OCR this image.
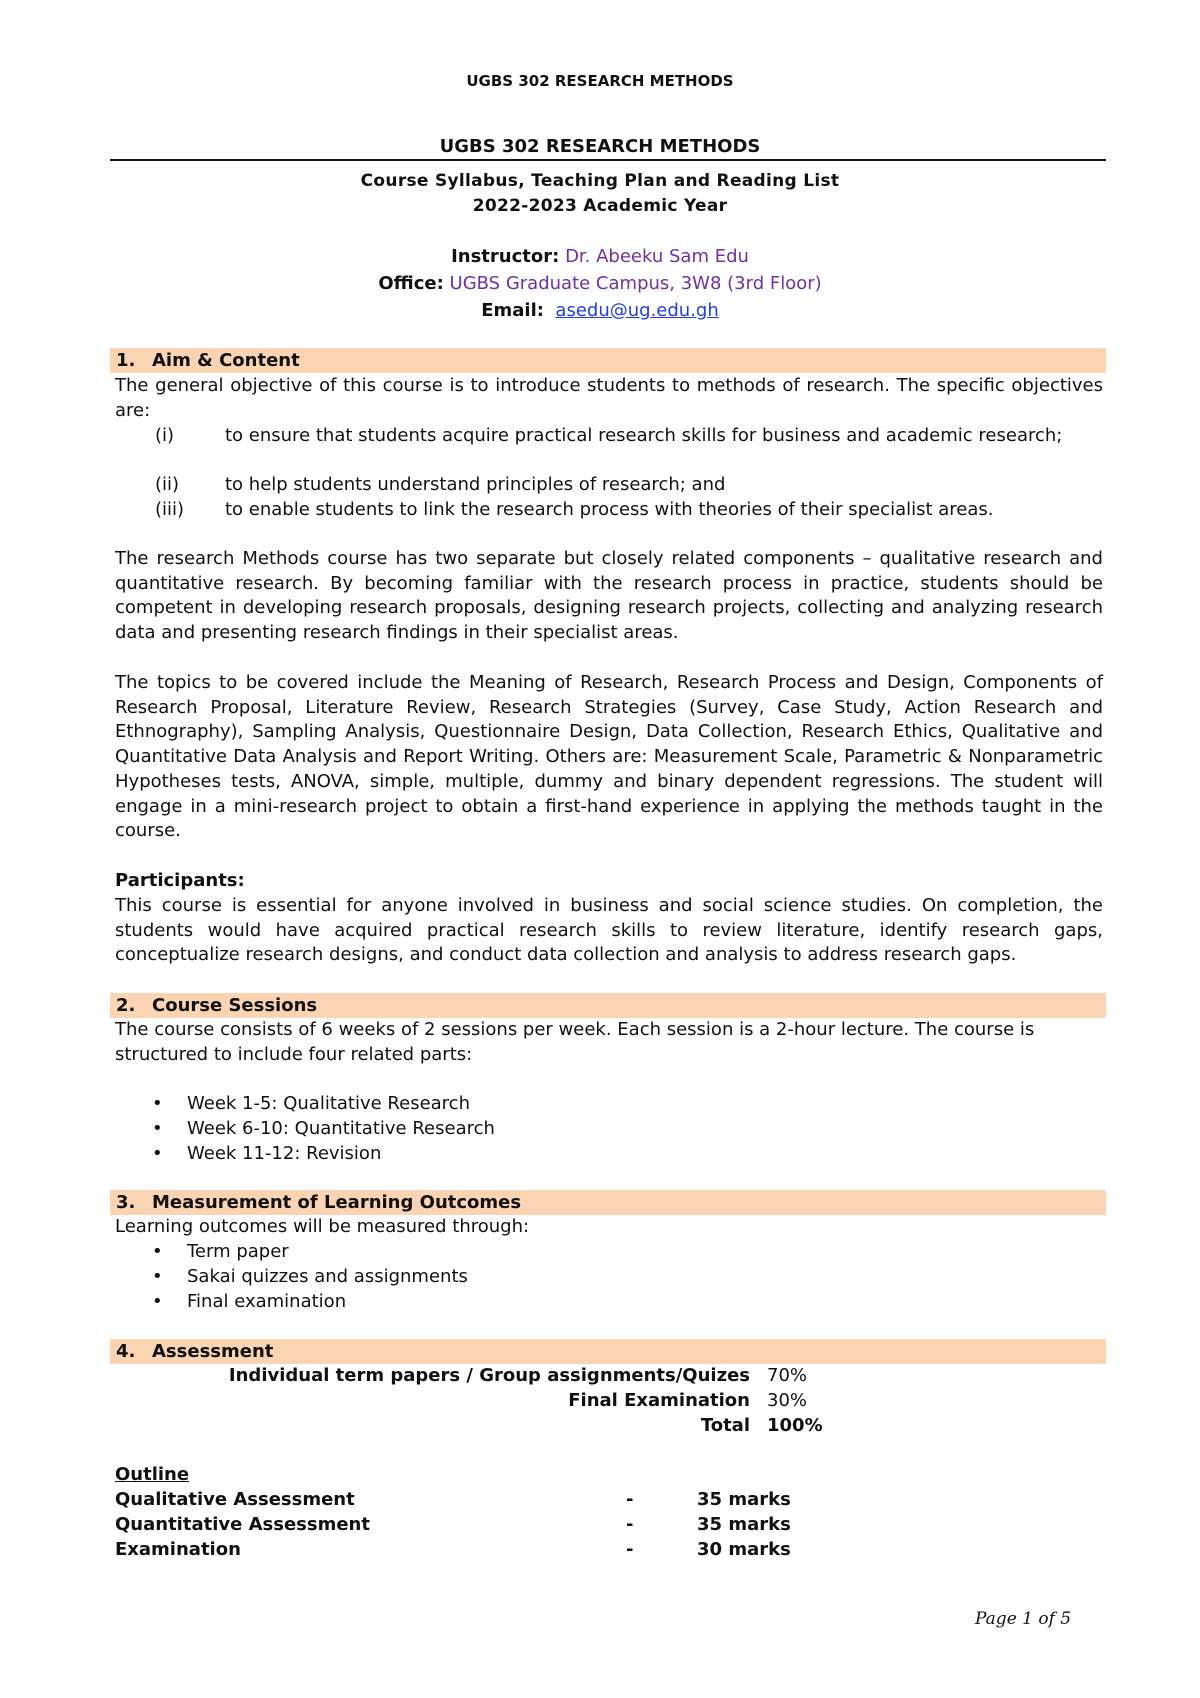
UGBS 302 RESEARCH METHODS
UGBS 302 RESEARCH METHODS
Course Syllabus, Teaching Plan and Reading List
2022-2023 Academic Year
Instructor: Dr. Abeeku Sam Edu
Office: UGBS Graduate Campus, 3W8 (3rd Floor)
Email: asedu@ug.edu.gh
1. Aim & Content
The general objective of this course is to introduce students to methods of research. The specific objectives are:
(i)	to ensure that students acquire practical research skills for business and academic research;
(ii)	to help students understand principles of research; and
(iii) to enable students to link the research process with theories of their specialist areas.
The research Methods course has two separate but closely related components – qualitative research and quantitative research. By becoming familiar with the research process in practice, students should be competent in developing research proposals, designing research projects, collecting and analyzing research data and presenting research findings in their specialist areas.
The topics to be covered include the Meaning of Research, Research Process and Design, Components of Research Proposal, Literature Review, Research Strategies (Survey, Case Study, Action Research and Ethnography), Sampling Analysis, Questionnaire Design, Data Collection, Research Ethics, Qualitative and Quantitative Data Analysis and Report Writing. Others are: Measurement Scale, Parametric & Nonparametric Hypotheses tests, ANOVA, simple, multiple, dummy and binary dependent regressions. The student will engage in a mini-research project to obtain a first-hand experience in applying the methods taught in the course.
Participants:
This course is essential for anyone involved in business and social science studies. On completion, the students would have acquired practical research skills to review literature, identify research gaps, conceptualize research designs, and conduct data collection and analysis to address research gaps.
2. Course Sessions
The course consists of 6 weeks of 2 sessions per week. Each session is a 2-hour lecture. The course is structured to include four related parts:
• Week 1-5: Qualitative Research
• Week 6-10: Quantitative Research
• Week 11-12: Revision
3. Measurement of Learning Outcomes
Learning outcomes will be measured through:
• Term paper
• Sakai quizzes and assignments
• Final examination
4. Assessment
Individual term papers / Group assignments/Quizes 70%
Final Examination 30%
Total 100%
Outline
Qualitative Assessment	-	35 marks
Quantitative Assessment	-	35 marks
Examination	-	30 marks
Page 1 of 5
